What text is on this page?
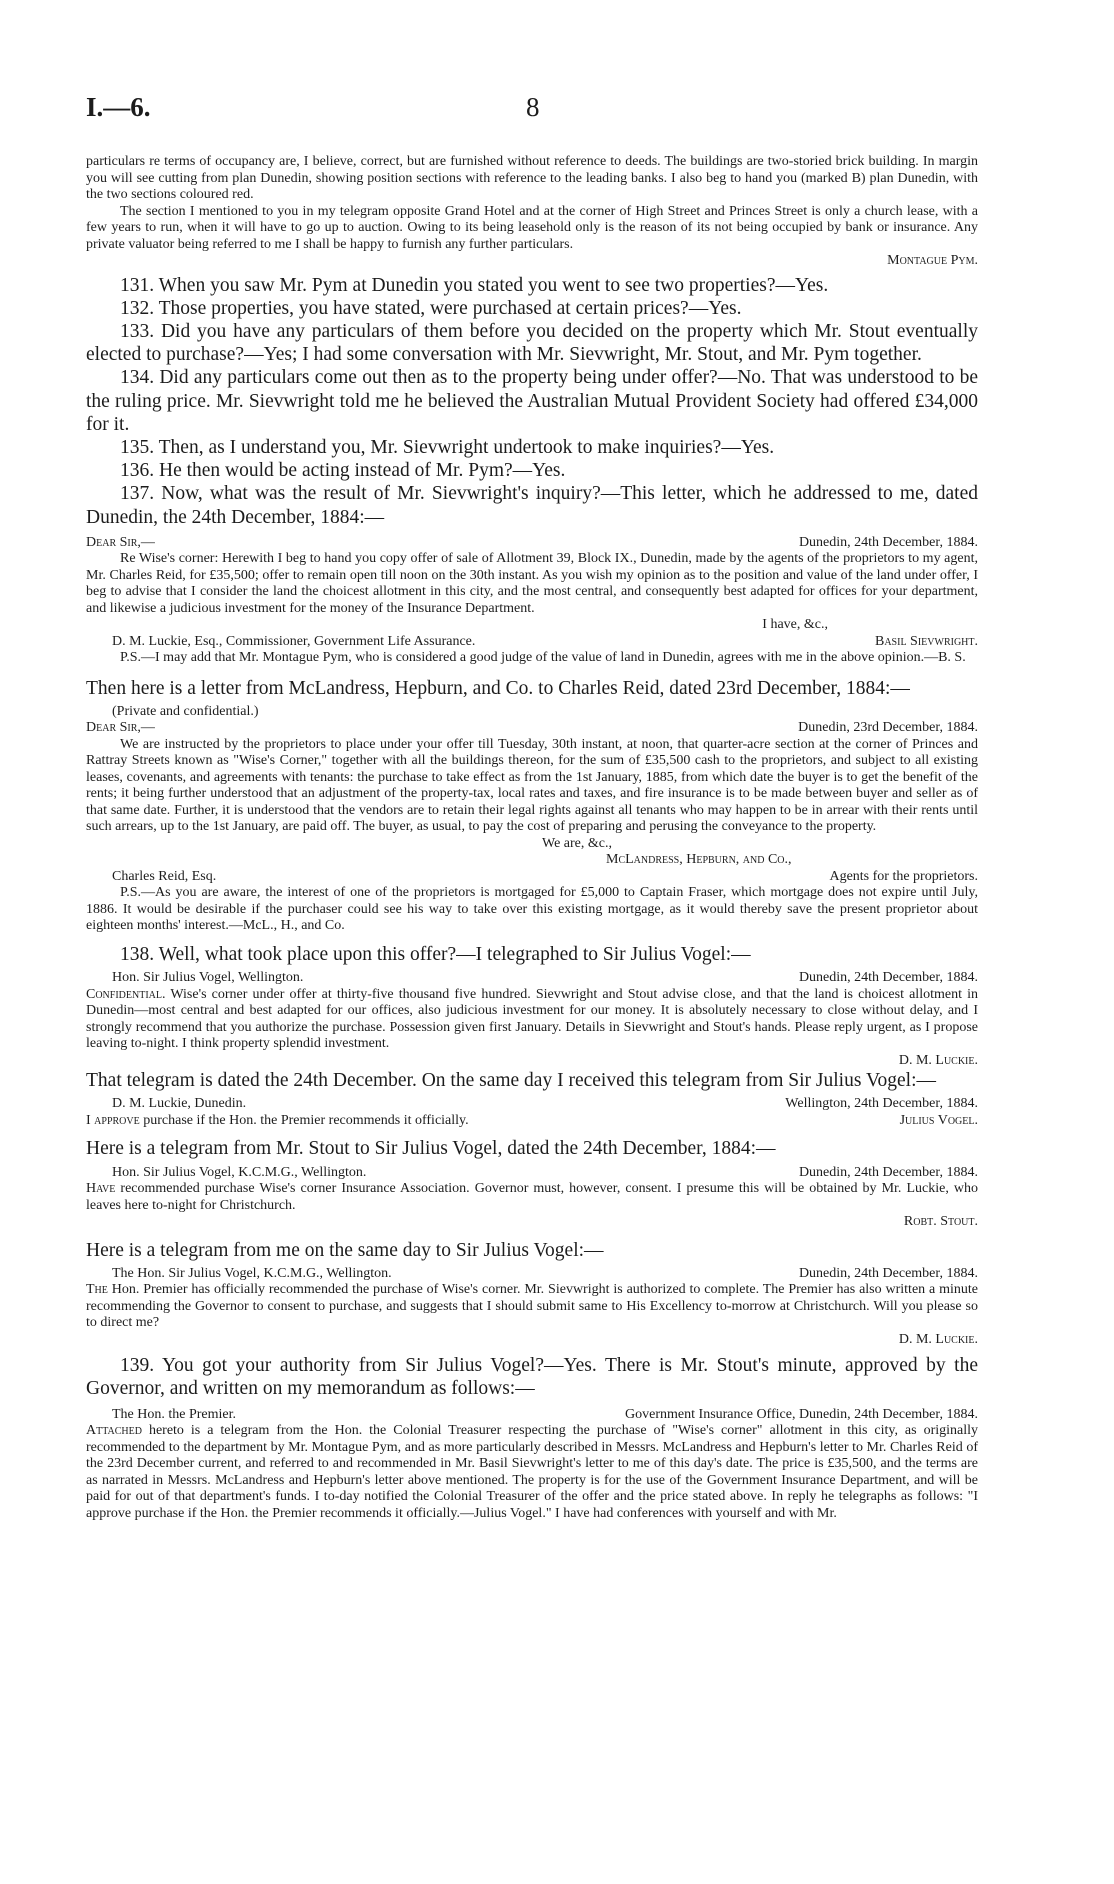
I.—6.	8

particulars re terms of occupancy are, I believe, correct, but are furnished without reference to deeds. The buildings are two-storied brick building. In margin you will see cutting from plan Dunedin, showing position sections with reference to the leading banks. I also beg to hand you (marked B) plan Dunedin, with the two sections coloured red.

The section I mentioned to you in my telegram opposite Grand Hotel and at the corner of High Street and Princes Street is only a church lease, with a few years to run, when it will have to go up to auction. Owing to its being leasehold only is the reason of its not being occupied by bank or insurance. Any private valuator being referred to me I shall be happy to furnish any further particulars.

Montague Pym.

131. When you saw Mr. Pym at Dunedin you stated you went to see two properties?—Yes.

132. Those properties, you have stated, were purchased at certain prices?—Yes.

133. Did you have any particulars of them before you decided on the property which Mr. Stout eventually elected to purchase?—Yes; I had some conversation with Mr. Sievwright, Mr. Stout, and Mr. Pym together.

134. Did any particulars come out then as to the property being under offer?—No. That was understood to be the ruling price. Mr. Sievwright told me he believed the Australian Mutual Provident Society had offered £34,000 for it.

135. Then, as I understand you, Mr. Sievwright undertook to make inquiries?—Yes.

136. He then would be acting instead of Mr. Pym?—Yes.

137. Now, what was the result of Mr. Sievwright's inquiry?—This letter, which he addressed to me, dated Dunedin, the 24th December, 1884:—

Dear Sir,—	Dunedin, 24th December, 1884.

Re Wise's corner: Herewith I beg to hand you copy offer of sale of Allotment 39, Block IX., Dunedin, made by the agents of the proprietors to my agent, Mr. Charles Reid, for £35,500; offer to remain open till noon on the 30th instant. As you wish my opinion as to the position and value of the land under offer, I beg to advise that I consider the land the choicest allotment in this city, and the most central, and consequently best adapted for offices for your department, and likewise a judicious investment for the money of the Insurance Department.

I have, &c.,
D. M. Luckie, Esq., Commissioner, Government Life Assurance.	Basil Sievwright.

P.S.—I may add that Mr. Montague Pym, who is considered a good judge of the value of land in Dunedin, agrees with me in the above opinion.—B. S.

Then here is a letter from McLandress, Hepburn, and Co. to Charles Reid, dated 23rd December, 1884:—

(Private and confidential.)
Dear Sir,—	Dunedin, 23rd December, 1884.

We are instructed by the proprietors to place under your offer till Tuesday, 30th instant, at noon, that quarter-acre section at the corner of Princes and Rattray Streets known as "Wise's Corner," together with all the buildings thereon, for the sum of £35,500 cash to the proprietors, and subject to all existing leases, covenants, and agreements with tenants: the purchase to take effect as from the 1st January, 1885, from which date the buyer is to get the benefit of the rents; it being further understood that an adjustment of the property-tax, local rates and taxes, and fire insurance is to be made between buyer and seller as of that same date. Further, it is understood that the vendors are to retain their legal rights against all tenants who may happen to be in arrear with their rents until such arrears, up to the 1st January, are paid off. The buyer, as usual, to pay the cost of preparing and perusing the conveyance to the property.

We are, &c.,
McLandress, Hepburn, and Co.,
Charles Reid, Esq.	Agents for the proprietors.

P.S.—As you are aware, the interest of one of the proprietors is mortgaged for £5,000 to Captain Fraser, which mortgage does not expire until July, 1886. It would be desirable if the purchaser could see his way to take over this existing mortgage, as it would thereby save the present proprietor about eighteen months' interest.—McL., H., and Co.

138. Well, what took place upon this offer?—I telegraphed to Sir Julius Vogel:—

Hon. Sir Julius Vogel, Wellington.	Dunedin, 24th December, 1884.

Confidential. Wise's corner under offer at thirty-five thousand five hundred. Sievwright and Stout advise close, and that the land is choicest allotment in Dunedin—most central and best adapted for our offices, also judicious investment for our money. It is absolutely necessary to close without delay, and I strongly recommend that you authorize the purchase. Possession given first January. Details in Sievwright and Stout's hands. Please reply urgent, as I propose leaving to-night. I think property splendid investment.

D. M. Luckie.

That telegram is dated the 24th December. On the same day I received this telegram from Sir Julius Vogel:—

D. M. Luckie, Dunedin.	Wellington, 24th December, 1884.
I approve purchase if the Hon. the Premier recommends it officially.	Julius Vogel.

Here is a telegram from Mr. Stout to Sir Julius Vogel, dated the 24th December, 1884:—

Hon. Sir Julius Vogel, K.C.M.G., Wellington.	Dunedin, 24th December, 1884.

Have recommended purchase Wise's corner Insurance Association. Governor must, however, consent. I presume this will be obtained by Mr. Luckie, who leaves here to-night for Christchurch.

Robt. Stout.

Here is a telegram from me on the same day to Sir Julius Vogel:—

The Hon. Sir Julius Vogel, K.C.M.G., Wellington.	Dunedin, 24th December, 1884.

The Hon. Premier has officially recommended the purchase of Wise's corner. Mr. Sievwright is authorized to complete. The Premier has also written a minute recommending the Governor to consent to purchase, and suggests that I should submit same to His Excellency to-morrow at Christchurch. Will you please so to direct me?

D. M. Luckie.

139. You got your authority from Sir Julius Vogel?—Yes. There is Mr. Stout's minute, approved by the Governor, and written on my memorandum as follows:—

The Hon. the Premier.	Government Insurance Office, Dunedin, 24th December, 1884.

Attached hereto is a telegram from the Hon. the Colonial Treasurer respecting the purchase of "Wise's corner" allotment in this city, as originally recommended to the department by Mr. Montague Pym, and as more particularly described in Messrs. McLandress and Hepburn's letter to Mr. Charles Reid of the 23rd December current, and referred to and recommended in Mr. Basil Sievwright's letter to me of this day's date. The price is £35,500, and the terms are as narrated in Messrs. McLandress and Hepburn's letter above mentioned. The property is for the use of the Government Insurance Department, and will be paid for out of that department's funds. I to-day notified the Colonial Treasurer of the offer and the price stated above. In reply he telegraphs as follows: "I approve purchase if the Hon. the Premier recommends it officially.—Julius Vogel." I have had conferences with yourself and with Mr.
